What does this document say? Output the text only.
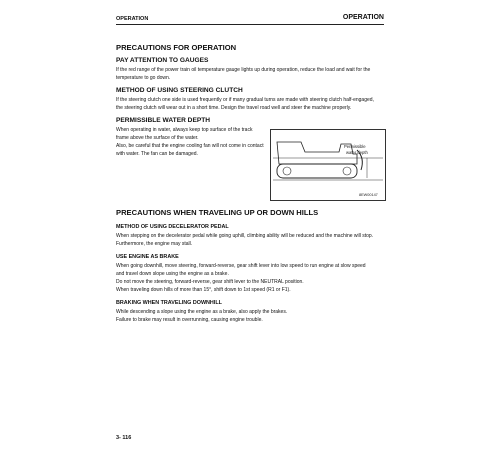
OPERATION	OPERATION
PRECAUTIONS FOR OPERATION
PAY ATTENTION TO GAUGES
If the red range of the power train oil temperature gauge lights up during operation, reduce the load and wait for the
temperature to go down.
METHOD OF USING STEERING CLUTCH
If the steering clutch one side is used frequently or if many gradual turns are made with steering clutch half-engaged,
the steering clutch will wear out in a short time. Design the travel road well and steer the machine properly.
PERMISSIBLE WATER DEPTH
When operating in water, always keep top surface of the track
frame above the surface of the water.
Also, be careful that the engine cooling fan will not come in contact
with water. The fan can be damaged.
Permissible
water depth
8EW00147
PRECAUTIONS WHEN TRAVELING UP OR DOWN HILLS
METHOD OF USING DECELERATOR PEDAL
When stepping on the decelerator pedal while going uphill, climbing ability will be reduced and the machine will stop.
Furthermore, the engine may stall.
USE ENGINE AS BRAKE
When going downhill, move steering, forward-reverse, gear shift lever into low speed to run engine at slow speed
and travel down slope using the engine as a brake.
Do not move the steering, forward-reverse, gear shift lever to the NEUTRAL position.
When traveling down hills of more than 15°, shift down to 1st speed (R1 or F1).
BRAKING WHEN TRAVELING DOWNHILL
While descending a slope using the engine as a brake, also apply the brakes.
Failure to brake may result in overrunning, causing engine trouble.
3- 116
